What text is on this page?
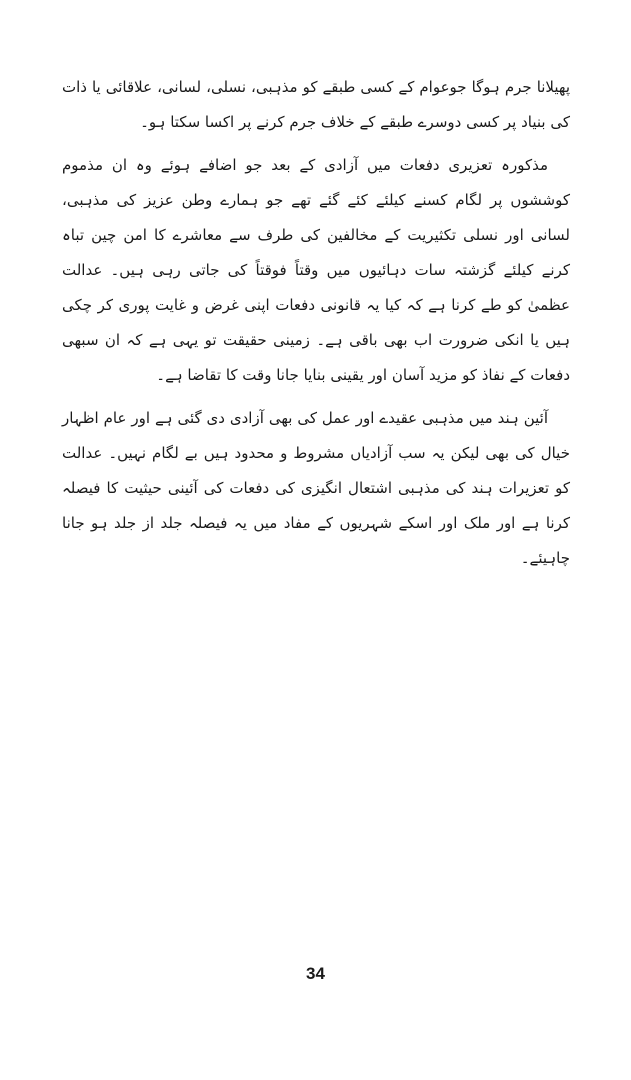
پھیلانا جرم ہوگا جوعوام کے کسی طبقے کو مذہبی، نسلی، لسانی، علاقائی یا ذات کی بنیاد پر کسی دوسرے طبقے کے خلاف جرم کرنے پر اکسا سکتا ہو۔

مذکورہ تعزیری دفعات میں آزادی کے بعد جو اضافے ہوئے وہ ان مذموم کوششوں پر لگام کسنے کیلئے کئے گئے تھے جو ہمارے وطن عزیز کی مذہبی، لسانی اور نسلی تکثیریت کے مخالفین کی طرف سے معاشرے کا امن چین تباہ کرنے کیلئے گزشتہ سات دہائیوں میں وقتاً فوقتاً کی جاتی رہی ہیں۔ عدالت عظمیٰ کو طے کرنا ہے کہ کیا یہ قانونی دفعات اپنی غرض و غایت پوری کر چکی ہیں یا انکی ضرورت اب بھی باقی ہے۔ زمینی حقیقت تو یہی ہے کہ ان سبھی دفعات کے نفاذ کو مزید آسان اور یقینی بنایا جانا وقت کا تقاضا ہے۔

آئین ہند میں مذہبی عقیدے اور عمل کی بھی آزادی دی گئی ہے اور عام اظہار خیال کی بھی لیکن یہ سب آزادیاں مشروط و محدود ہیں بے لگام نہیں۔ عدالت کو تعزیرات ہند کی مذہبی اشتعال انگیزی کی دفعات کی آئینی حیثیت کا فیصلہ کرنا ہے اور ملک اور اسکے شہریوں کے مفاد میں یہ فیصلہ جلد از جلد ہو جانا چاہیئے۔

34
